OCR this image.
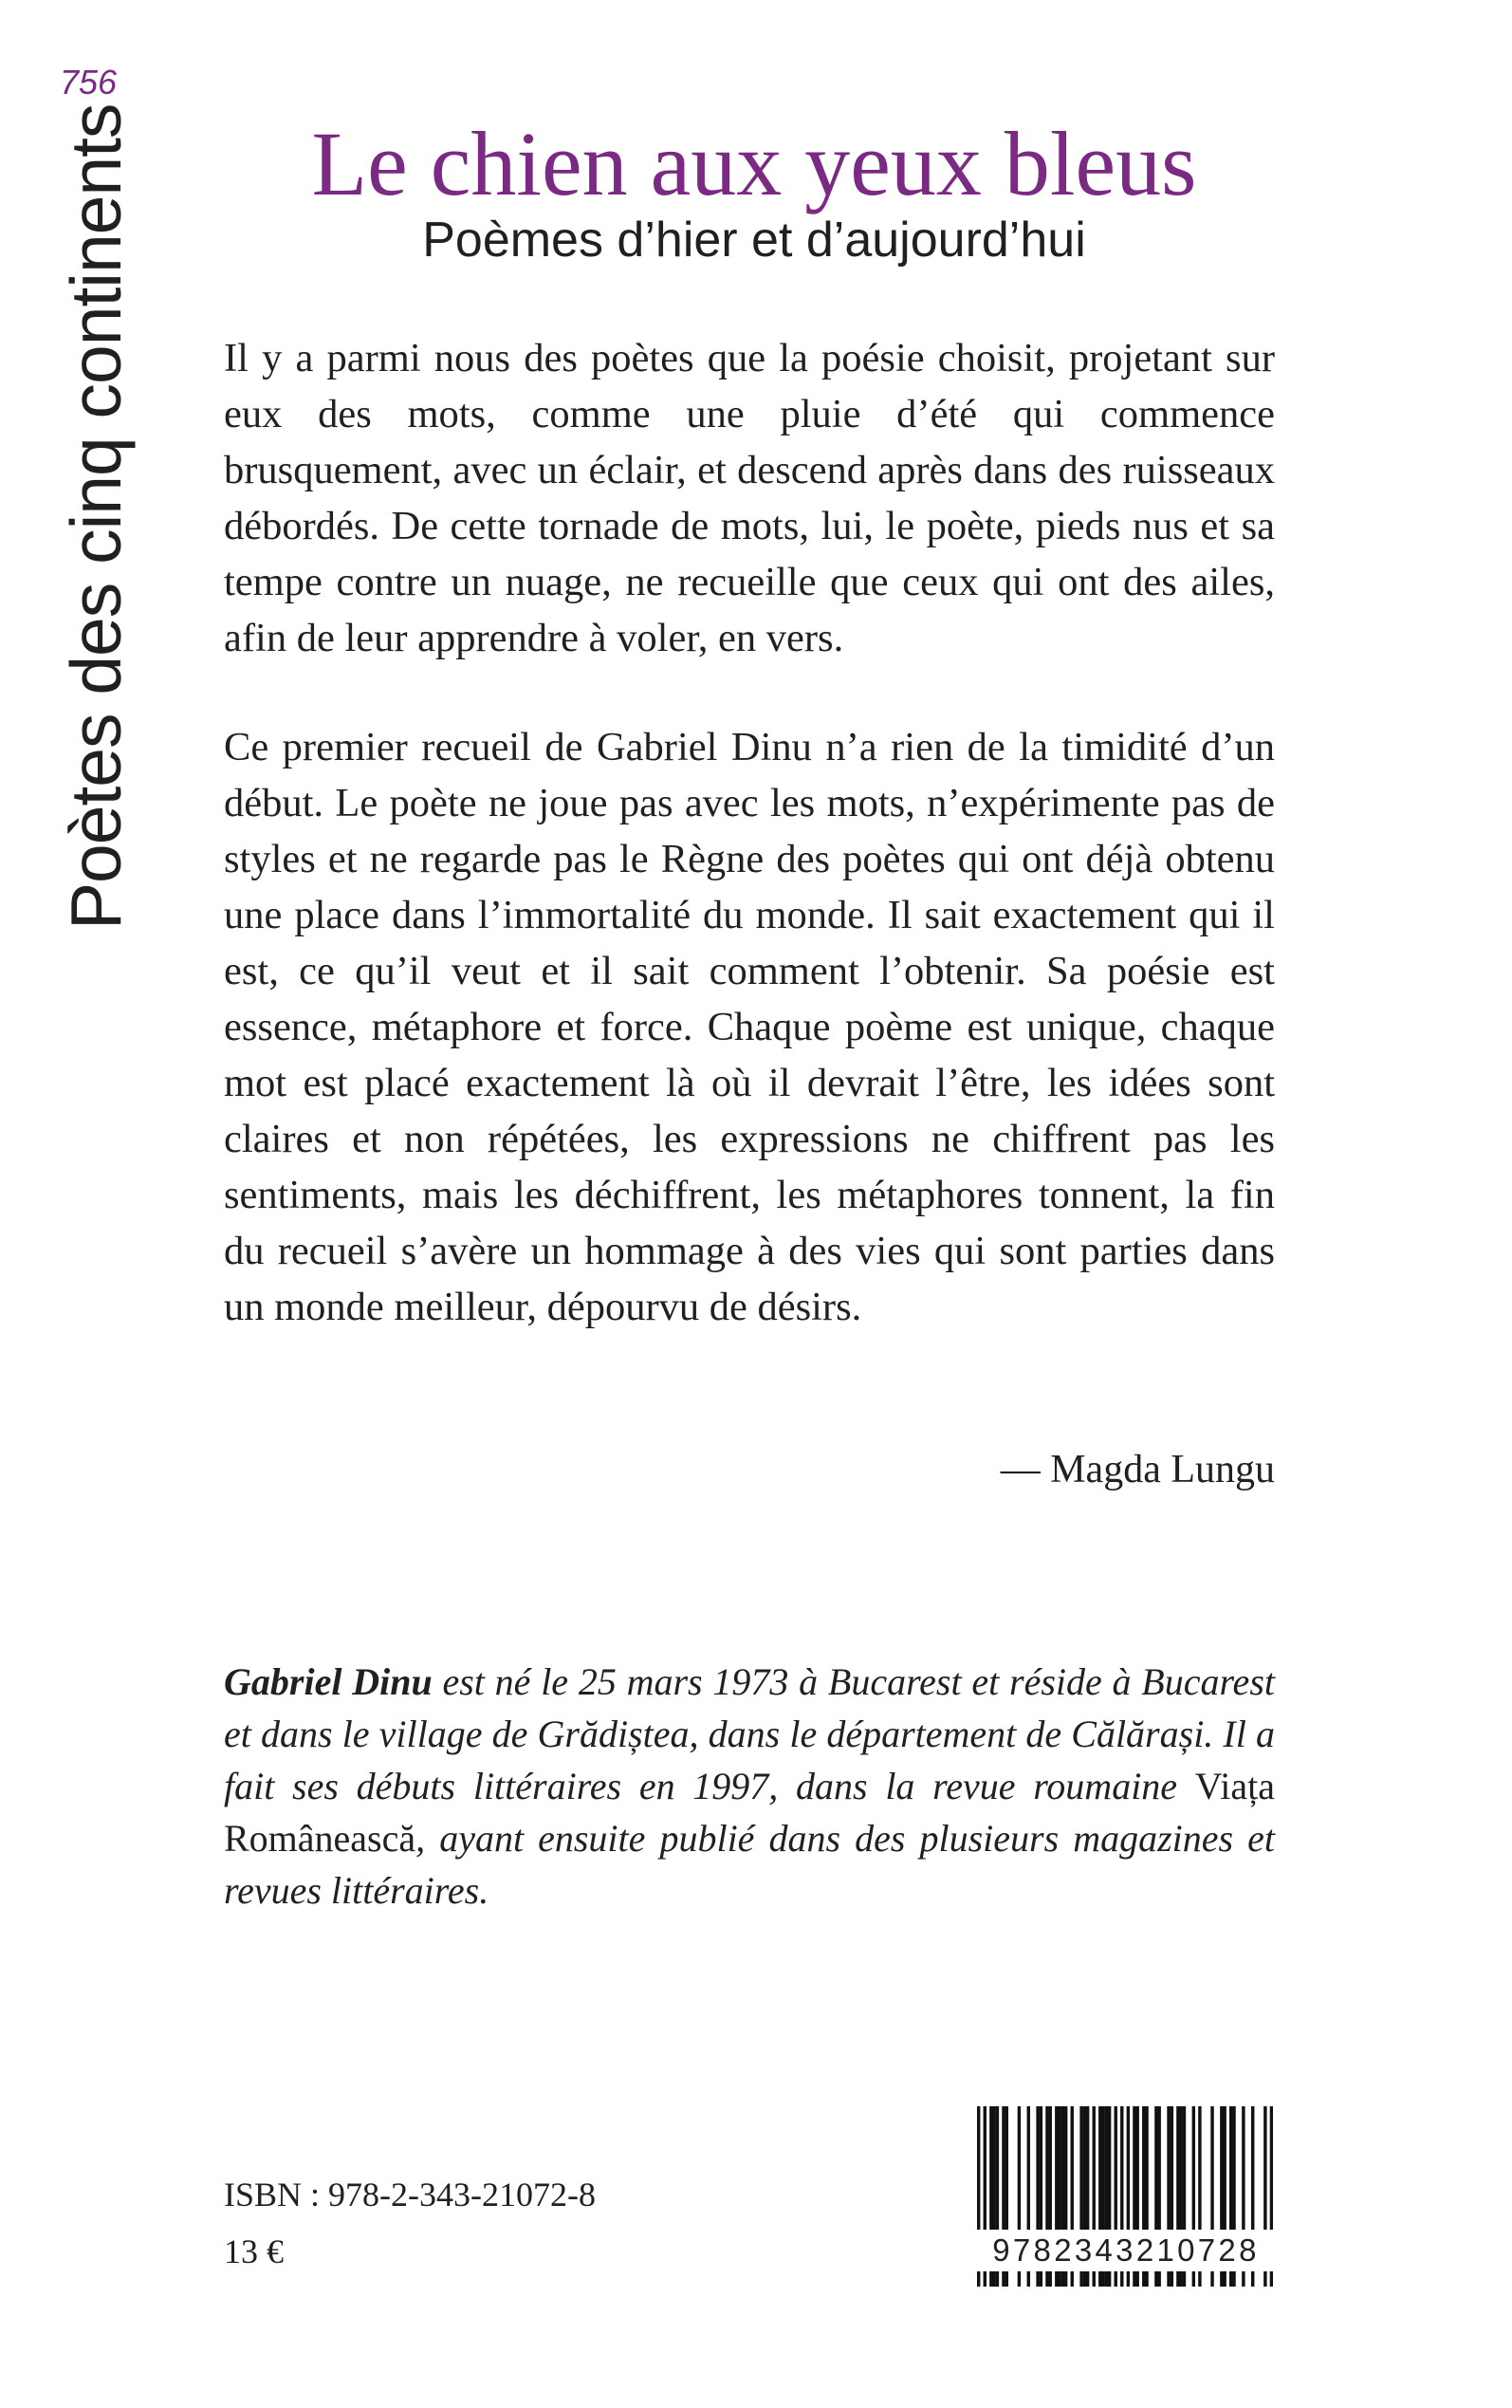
756
Poètes des cinq continents	Le chien aux yeux bleus
Poèmes d’hier et d’aujourd’hui

Il y a parmi nous des poètes que la poésie choisit, projetant sur eux des mots, comme une pluie d’été qui commence brusquement, avec un éclair, et descend après dans des ruisseaux débordés. De cette tornade de mots, lui, le poète, pieds nus et sa tempe contre un nuage, ne recueille que ceux qui ont des ailes, afin de leur apprendre à voler, en vers.

Ce premier recueil de Gabriel Dinu n’a rien de la timidité d’un début. Le poète ne joue pas avec les mots, n’expérimente pas de styles et ne regarde pas le Règne des poètes qui ont déjà obtenu une place dans l’immortalité du monde. Il sait exactement qui il est, ce qu’il veut et il sait comment l’obtenir. Sa poésie est essence, métaphore et force. Chaque poème est unique, chaque mot est placé exactement là où il devrait l’être, les idées sont claires et non répétées, les expressions ne chiffrent pas les sentiments, mais les déchiffrent, les métaphores tonnent, la fin du recueil s’avère un hommage à des vies qui sont parties dans un monde meilleur, dépourvu de désirs.

— Magda Lungu

Gabriel Dinu est né le 25 mars 1973 à Bucarest et réside à Bucarest et dans le village de Grădiștea, dans le département de Călărași. Il a fait ses débuts littéraires en 1997, dans la revue roumaine Viața Românească, ayant ensuite publié dans des plusieurs magazines et revues littéraires.

ISBN : 978-2-343-21072-8
13 €	9782343210728
